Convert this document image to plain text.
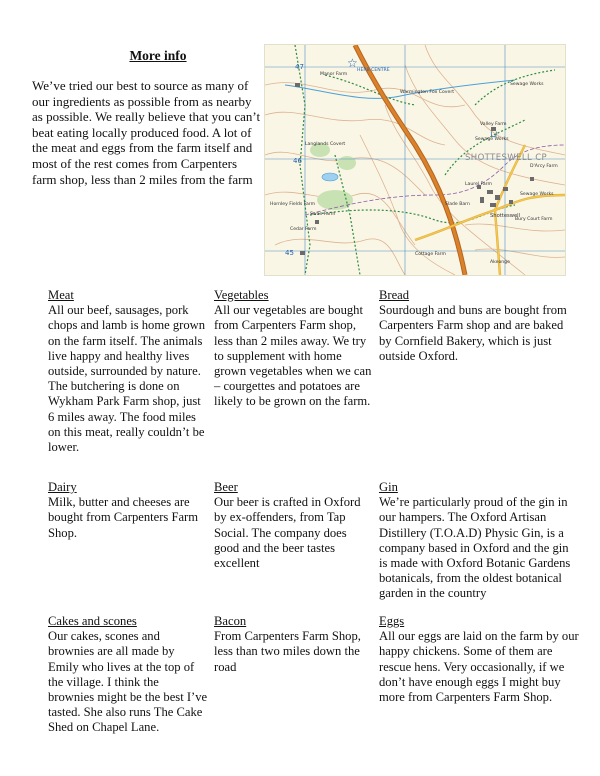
More info

We’ve tried our best to source as many of our ingredients as possible from as nearby as possible. We really believe that you can’t beat eating locally produced food. A lot of the meat and eggs from the farm itself and most of the rest comes from Carpenters farm shop, less than 2 miles from the farm

☆
SHOTTESWELL CP
Shotteswell
47
46
45
Manor Farm
HERB CENTRE
Valley Farm
Laurel Farm
Slade Barn
Hornley Fields Farm
Swan Farm
Cedar Farm
Sewage Works
Sewage Works
Sewage Works
Warmington Fox Covert
Langlands Covert
Bury Court Farm
D'Arcy Farm
Cottage Farm
Akeonge
∪
Meat
All our beef, sausages, pork chops and lamb is home grown on the farm itself. The animals live happy and healthy lives outside, surrounded by nature. The butchering is done on Wykham Park Farm shop, just 6 miles away. The food miles on this meat, really couldn’t be lower.
Vegetables
All our vegetables are bought from Carpenters Farm shop, less than 2 miles away. We try to supplement with home grown vegetables when we can – courgettes and potatoes are likely to be grown on the farm.
Bread
Sourdough and buns are bought from Carpenters Farm shop and are baked by Cornfield Bakery, which is just outside Oxford.
Dairy
Milk, butter and cheeses are bought from Carpenters Farm Shop.
Beer
Our beer is crafted in Oxford by ex-offenders, from Tap Social. The company does good and the beer tastes excellent
Gin
We’re particularly proud of the gin in our hampers. The Oxford Artisan Distillery (T.O.A.D) Physic Gin, is a company based in Oxford and the gin is made with Oxford Botanic Gardens botanicals, from the oldest botanical garden in the country
Cakes and scones
Our cakes, scones and brownies are all made by Emily who lives at the top of the village. I think the brownies might be the best I’ve tasted. She also runs The Cake Shed on Chapel Lane.
Bacon
From Carpenters Farm Shop, less than two miles down the road
Eggs
All our eggs are laid on the farm by our happy chickens. Some of them are rescue hens. Very occasionally, if we don’t have enough eggs I might buy more from Carpenters Farm Shop.
